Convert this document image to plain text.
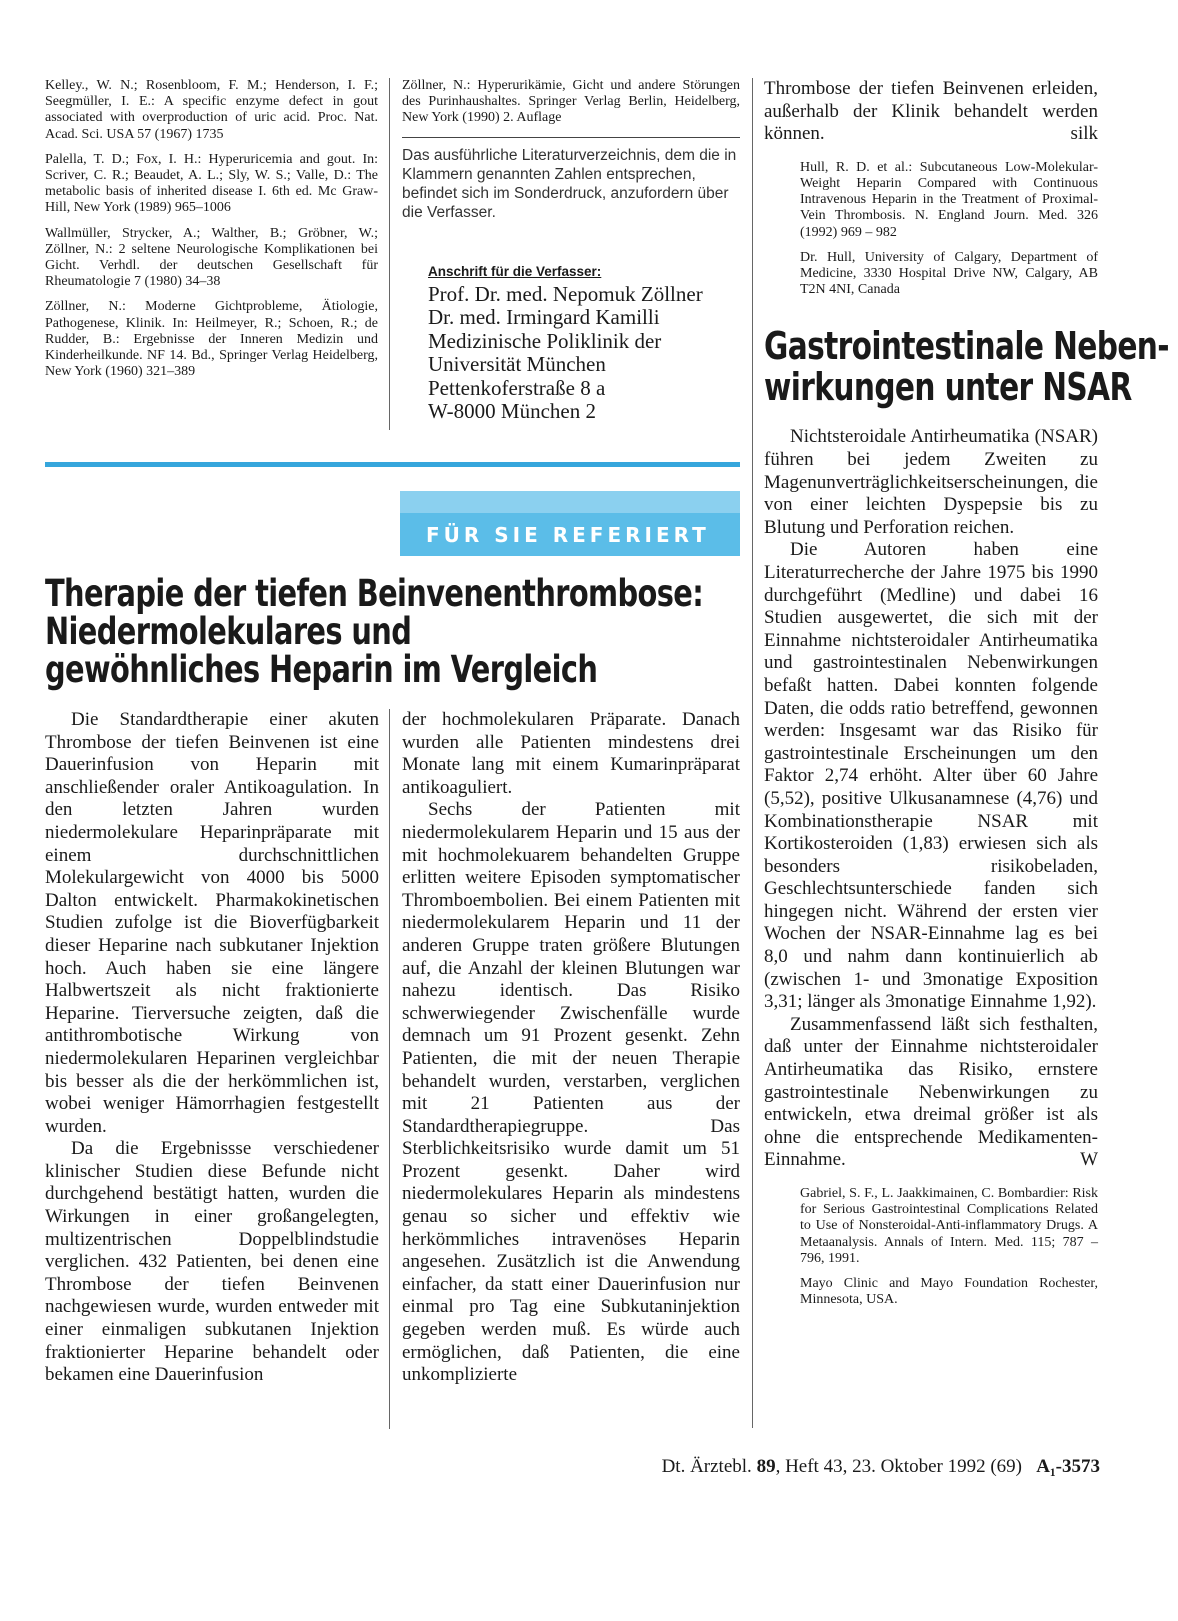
Kelley., W. N.; Rosenbloom, F. M.; Henderson, I. F.; Seegmüller, I. E.: A specific enzyme defect in gout associated with overproduction of uric acid. Proc. Nat. Acad. Sci. USA 57 (1967) 1735

Palella, T. D.; Fox, I. H.: Hyperuricemia and gout. In: Scriver, C. R.; Beaudet, A. L.; Sly, W. S.; Valle, D.: The metabolic basis of inherited disease I. 6th ed. Mc Graw-Hill, New York (1989) 965–1006

Wallmüller, Strycker, A.; Walther, B.; Gröbner, W.; Zöllner, N.: 2 seltene Neurologische Komplikationen bei Gicht. Verhdl. der deutschen Gesellschaft für Rheumatologie 7 (1980) 34–38

Zöllner, N.: Moderne Gichtprobleme, Ätiologie, Pathogenese, Klinik. In: Heilmeyer, R.; Schoen, R.; de Rudder, B.: Ergebnisse der Inneren Medizin und Kinderheilkunde. NF 14. Bd., Springer Verlag Heidelberg, New York (1960) 321–389

Zöllner, N.: Hyperurikämie, Gicht und andere Störungen des Purinhaushaltes. Springer Verlag Berlin, Heidelberg, New York (1990) 2. Auflage

Das ausführliche Literaturverzeichnis, dem die in Klammern genannten Zahlen entsprechen, befindet sich im Sonderdruck, anzufordern über die Verfasser.
Anschrift für die Verfasser:
Prof. Dr. med. Nepomuk Zöllner
Dr. med. Irmingard Kamilli
Medizinische Poliklinik der
Universität München
Pettenkoferstraße 8 a
W-8000 München 2
FÜR SIE REFERIERT
Therapie der tiefen Beinvenenthrombose:
Niedermolekulares und
gewöhnliches Heparin im Vergleich

Die Standardtherapie einer akuten Thrombose der tiefen Beinvenen ist eine Dauerinfusion von Heparin mit anschließender oraler Antikoagulation. In den letzten Jahren wurden niedermolekulare Heparinpräparate mit einem durchschnittlichen Molekulargewicht von 4000 bis 5000 Dalton entwickelt. Pharmakokinetischen Studien zufolge ist die Bioverfügbarkeit dieser Heparine nach subkutaner Injektion hoch. Auch haben sie eine längere Halbwertszeit als nicht fraktionierte Heparine. Tierversuche zeigten, daß die antithrombotische Wirkung von niedermolekularen Heparinen vergleichbar bis besser als die der herkömmlichen ist, wobei weniger Hämorrhagien festgestellt wurden.

Da die Ergebnissse verschiedener klinischer Studien diese Befunde nicht durchgehend bestätigt hatten, wurden die Wirkungen in einer großangelegten, multizentrischen Doppelblindstudie verglichen. 432 Patienten, bei denen eine Thrombose der tiefen Beinvenen nachgewiesen wurde, wurden entweder mit einer einmaligen subkutanen Injektion fraktionierter Heparine behandelt oder bekamen eine Dauerinfusion

der hochmolekularen Präparate. Danach wurden alle Patienten mindestens drei Monate lang mit einem Kumarinpräparat antikoaguliert.

Sechs der Patienten mit niedermolekularem Heparin und 15 aus der mit hochmolekuarem behandelten Gruppe erlitten weitere Episoden symptomatischer Thromboembolien. Bei einem Patienten mit niedermolekularem Heparin und 11 der anderen Gruppe traten größere Blutungen auf, die Anzahl der kleinen Blutungen war nahezu identisch. Das Risiko schwerwiegender Zwischenfälle wurde demnach um 91 Prozent gesenkt. Zehn Patienten, die mit der neuen Therapie behandelt wurden, verstarben, verglichen mit 21 Patienten aus der Standardtherapiegruppe. Das Sterblichkeitsrisiko wurde damit um 51 Prozent gesenkt. Daher wird niedermolekulares Heparin als mindestens genau so sicher und effektiv wie herkömmliches intravenöses Heparin angesehen. Zusätzlich ist die Anwendung einfacher, da statt einer Dauerinfusion nur einmal pro Tag eine Subkutaninjektion gegeben werden muß. Es würde auch ermöglichen, daß Patienten, die eine unkomplizierte

Thrombose der tiefen Beinvenen erleiden, außerhalb der Klinik behandelt werden können.	silk

Hull, R. D. et al.: Subcutaneous Low-Molekular-Weight Heparin Compared with Continuous Intravenous Heparin in the Treatment of Proximal-Vein Thrombosis. N. England Journ. Med. 326 (1992) 969 – 982

Dr. Hull, University of Calgary, Department of Medicine, 3330 Hospital Drive NW, Calgary, AB T2N 4NI, Canada

Gastrointestinale Neben-
wirkungen unter NSAR

Nichtsteroidale Antirheumatika (NSAR) führen bei jedem Zweiten zu Magenunverträglichkeitserscheinungen, die von einer leichten Dyspepsie bis zu Blutung und Perforation reichen.

Die Autoren haben eine Literaturrecherche der Jahre 1975 bis 1990 durchgeführt (Medline) und dabei 16 Studien ausgewertet, die sich mit der Einnahme nichtsteroidaler Antirheumatika und gastrointestinalen Nebenwirkungen befaßt hatten. Dabei konnten folgende Daten, die odds ratio betreffend, gewonnen werden: Insgesamt war das Risiko für gastrointestinale Erscheinungen um den Faktor 2,74 erhöht. Alter über 60 Jahre (5,52), positive Ulkusanamnese (4,76) und Kombinationstherapie NSAR mit Kortikosteroiden (1,83) erwiesen sich als besonders risikobeladen, Geschlechtsunterschiede fanden sich hingegen nicht. Während der ersten vier Wochen der NSAR-Einnahme lag es bei 8,0 und nahm dann kontinuierlich ab (zwischen 1- und 3monatige Exposition 3,31; länger als 3monatige Einnahme 1,92).

Zusammenfassend läßt sich festhalten, daß unter der Einnahme nichtsteroidaler Antirheumatika das Risiko, ernstere gastrointestinale Nebenwirkungen zu entwickeln, etwa dreimal größer ist als ohne die entsprechende Medikamenten-Einnahme.	W

Gabriel, S. F., L. Jaakkimainen, C. Bombardier: Risk for Serious Gastrointestinal Complications Related to Use of Nonsteroidal-Anti-inflammatory Drugs. A Metaanalysis. Annals of Intern. Med. 115; 787 – 796, 1991.

Mayo Clinic and Mayo Foundation Rochester, Minnesota, USA.

Dt. Ärztebl. 89, Heft 43, 23. Oktober 1992 (69) A₁-3573
